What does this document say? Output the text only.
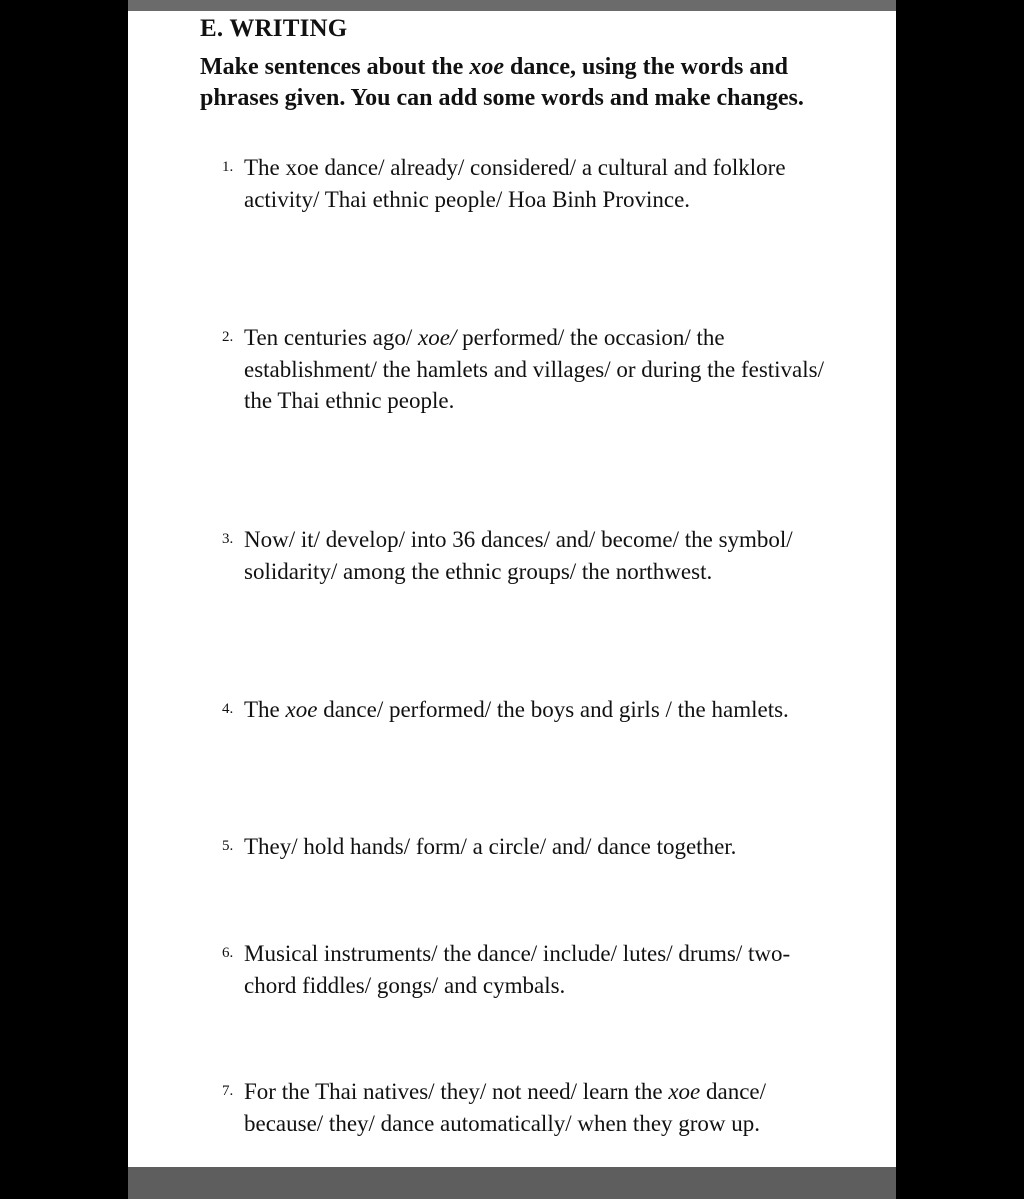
E. WRITING

Make sentences about the xoe dance, using the words and phrases given. You can add some words and make changes.

1. The xoe dance/ already/ considered/ a cultural and folklore activity/ Thai ethnic people/ Hoa Binh Province.

2. Ten centuries ago/ xoe/ performed/ the occasion/ the establishment/ the hamlets and villages/ or during the festivals/ the Thai ethnic people.

3. Now/ it/ develop/ into 36 dances/ and/ become/ the symbol/ solidarity/ among the ethnic groups/ the northwest.

4. The xoe dance/ performed/ the boys and girls / the hamlets.

5. They/ hold hands/ form/ a circle/ and/ dance together.

6. Musical instruments/ the dance/ include/ lutes/ drums/ two-chord fiddles/ gongs/ and cymbals.

7. For the Thai natives/ they/ not need/ learn the xoe dance/ because/ they/ dance automatically/ when they grow up.
